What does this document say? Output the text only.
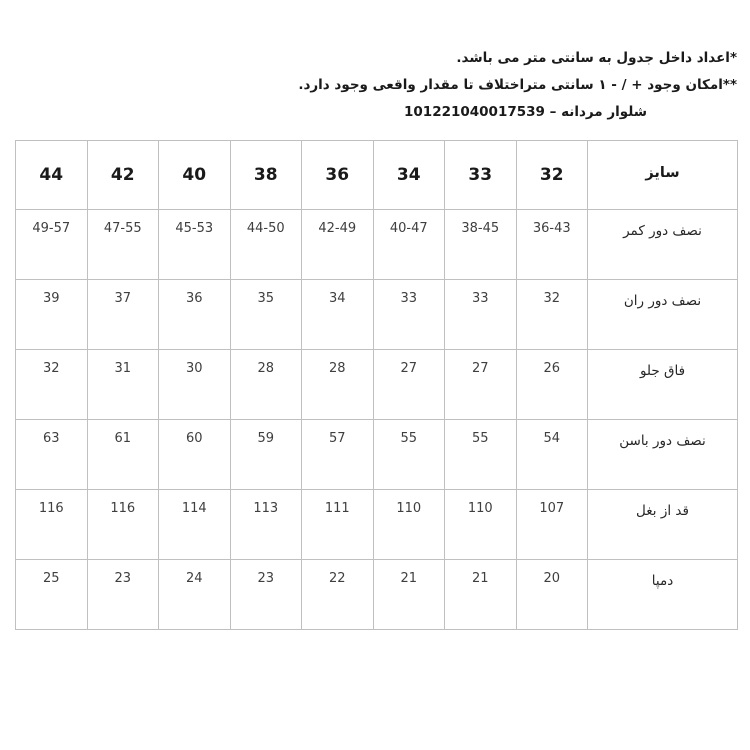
*اعداد داخل جدول به سانتی متر می باشد.
**امکان وجود + / - ۱ سانتی متراختلاف تا مقدار واقعی وجود دارد.
شلوار مردانه – 101221040017539
سایز	32	33	34	36	38	40	42	44
نصف دور کمر	36-43	38-45	40-47	42-49	44-50	45-53	47-55	49-57
نصف دور ران	32	33	33	34	35	36	37	39
فاق جلو	26	27	27	28	28	30	31	32
نصف دور باسن	54	55	55	57	59	60	61	63
قد از بغل	107	110	110	111	113	114	116	116
دمپا	20	21	21	22	23	24	23	25
